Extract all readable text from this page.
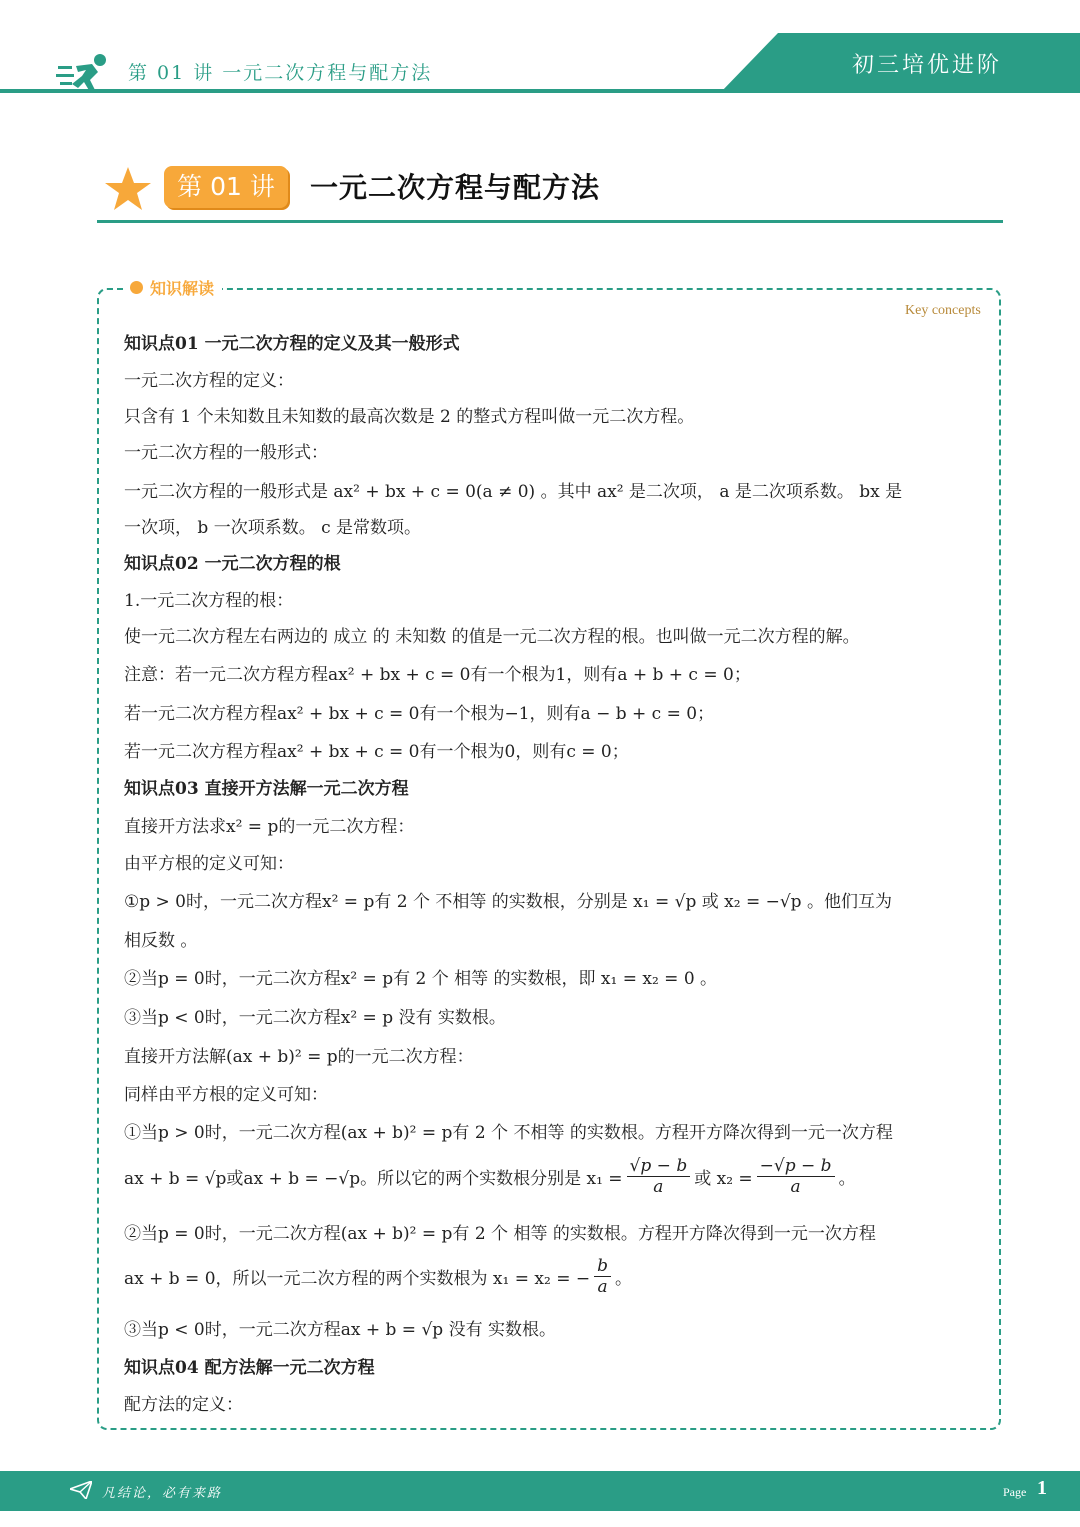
第 01 讲 一元二次方程与配方法	初三培优进阶
第 01 讲	一元二次方程与配方法
知识解读
Key concepts
知识点01 一元二次方程的定义及其一般形式
一元二次方程的定义：
只含有 1 个未知数且未知数的最高次数是 2 的整式方程叫做一元二次方程。
一元二次方程的一般形式：
一元二次方程的一般形式是 ax² + bx + c = 0(a ≠ 0) 。其中 ax² 是二次项， a 是二次项系数。 bx 是
一次项， b 一次项系数。 c 是常数项。
知识点02 一元二次方程的根
1.一元二次方程的根：
使一元二次方程左右两边的 成立 的 未知数 的值是一元二次方程的根。也叫做一元二次方程的解。
注意：若一元二次方程方程ax² + bx + c = 0有一个根为1，则有a + b + c = 0；
若一元二次方程方程ax² + bx + c = 0有一个根为−1，则有a − b + c = 0；
若一元二次方程方程ax² + bx + c = 0有一个根为0，则有c = 0；
知识点03 直接开方法解一元二次方程
直接开方法求x² = p的一元二次方程：
由平方根的定义可知：
①p > 0时，一元二次方程x² = p有 2 个 不相等 的实数根，分别是 x₁ = √p 或 x₂ = −√p 。他们互为
相反数 。
②当p = 0时，一元二次方程x² = p有 2 个 相等 的实数根，即 x₁ = x₂ = 0 。
③当p < 0时，一元二次方程x² = p 没有 实数根。
直接开方法解(ax + b)² = p的一元二次方程：
同样由平方根的定义可知：
①当p > 0时，一元二次方程(ax + b)² = p有 2 个 不相等 的实数根。方程开方降次得到一元一次方程
ax + b = √p或ax + b = −√p。所以它的两个实数根分别是 $x_1 = \frac{√p - b}{a}$ 或 $x_2 = \frac{-√p - b}{a}$ 。
②当p = 0时，一元二次方程(ax + b)² = p有 2 个 相等 的实数根。方程开方降次得到一元一次方程
ax + b = 0，所以一元二次方程的两个实数根为 x₁ = x₂ = − $\frac{b}{a}$ 。
③当p < 0时，一元二次方程ax + b = √p 没有 实数根。
知识点04 配方法解一元二次方程
配方法的定义：
凡结论，必有来路	Page 1
